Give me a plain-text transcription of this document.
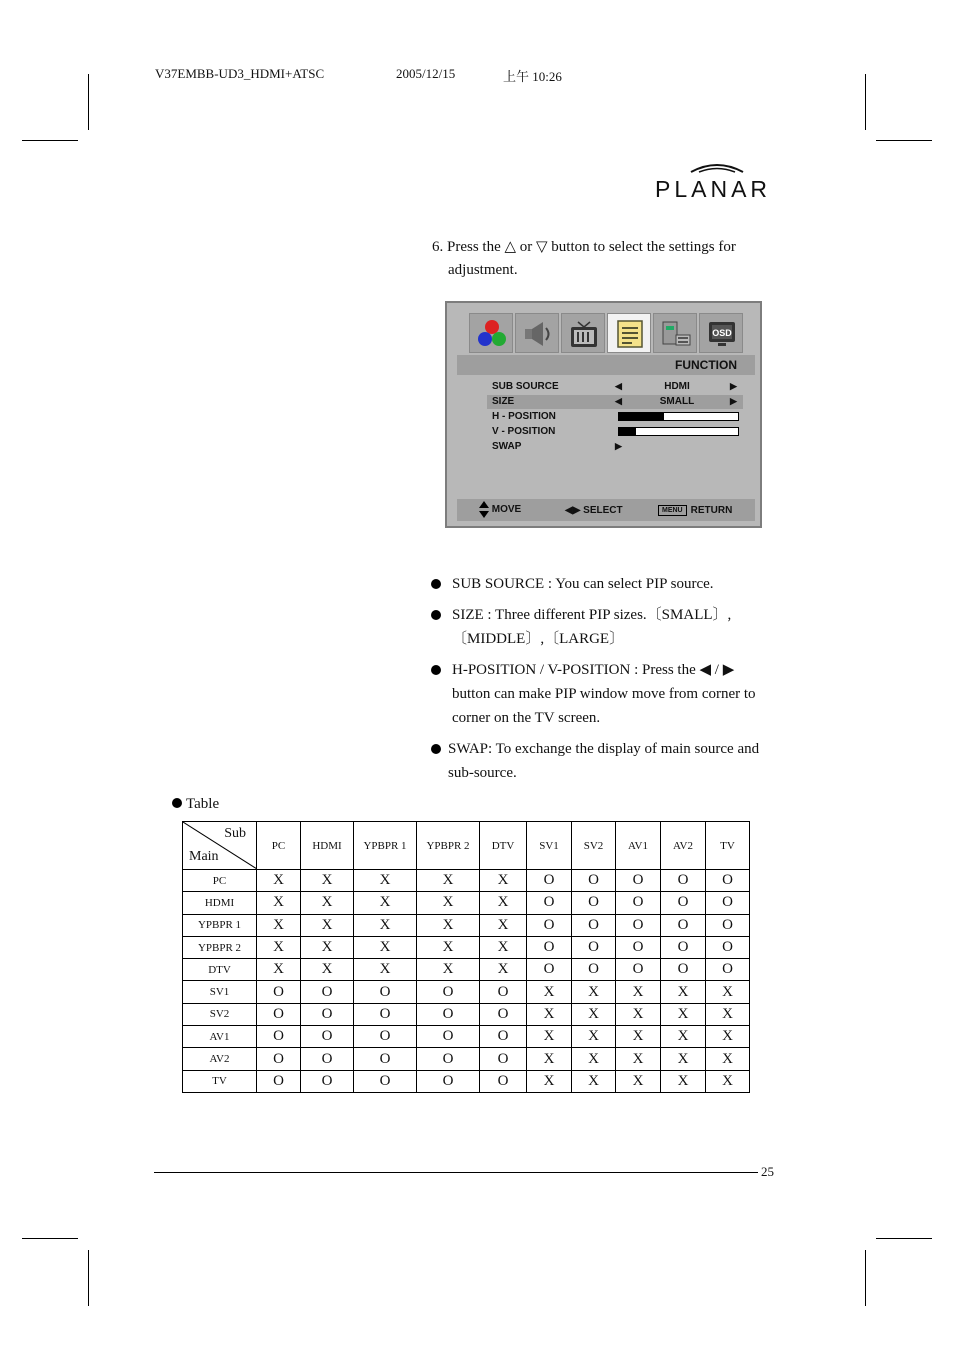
V37EMBB-UD3_HDMI+ATSC	2005/12/15	上午 10:26
PLANAR
6. Press the △ or ▽ button to select the settings for
adjustment.
OSD
FUNCTION
SUB SOURCE	◀	HDMI	▶
SIZE	◀	SMALL	▶
H - POSITION
V - POSITION
SWAP	▶
MOVE	◀▶ SELECT	MENU RETURN
SUB SOURCE : You can select PIP source.
SIZE : Three different PIP sizes.〔SMALL〕,
〔MIDDLE〕,〔LARGE〕
H-POSITION / V-POSITION : Press the ◀ / ▶
button can make PIP window move from corner to
corner on the TV screen.
SWAP: To exchange the display of main source and
sub-source.
Table
Sub
Main	PC	HDMI	YPBPR 1	YPBPR 2	DTV	SV1	SV2	AV1	AV2	TV
PC	X	X	X	X	X	O	O	O	O	O
HDMI	X	X	X	X	X	O	O	O	O	O
YPBPR 1	X	X	X	X	X	O	O	O	O	O
YPBPR 2	X	X	X	X	X	O	O	O	O	O
DTV	X	X	X	X	X	O	O	O	O	O
SV1	O	O	O	O	O	X	X	X	X	X
SV2	O	O	O	O	O	X	X	X	X	X
AV1	O	O	O	O	O	X	X	X	X	X
AV2	O	O	O	O	O	X	X	X	X	X
TV	O	O	O	O	O	X	X	X	X	X
25
